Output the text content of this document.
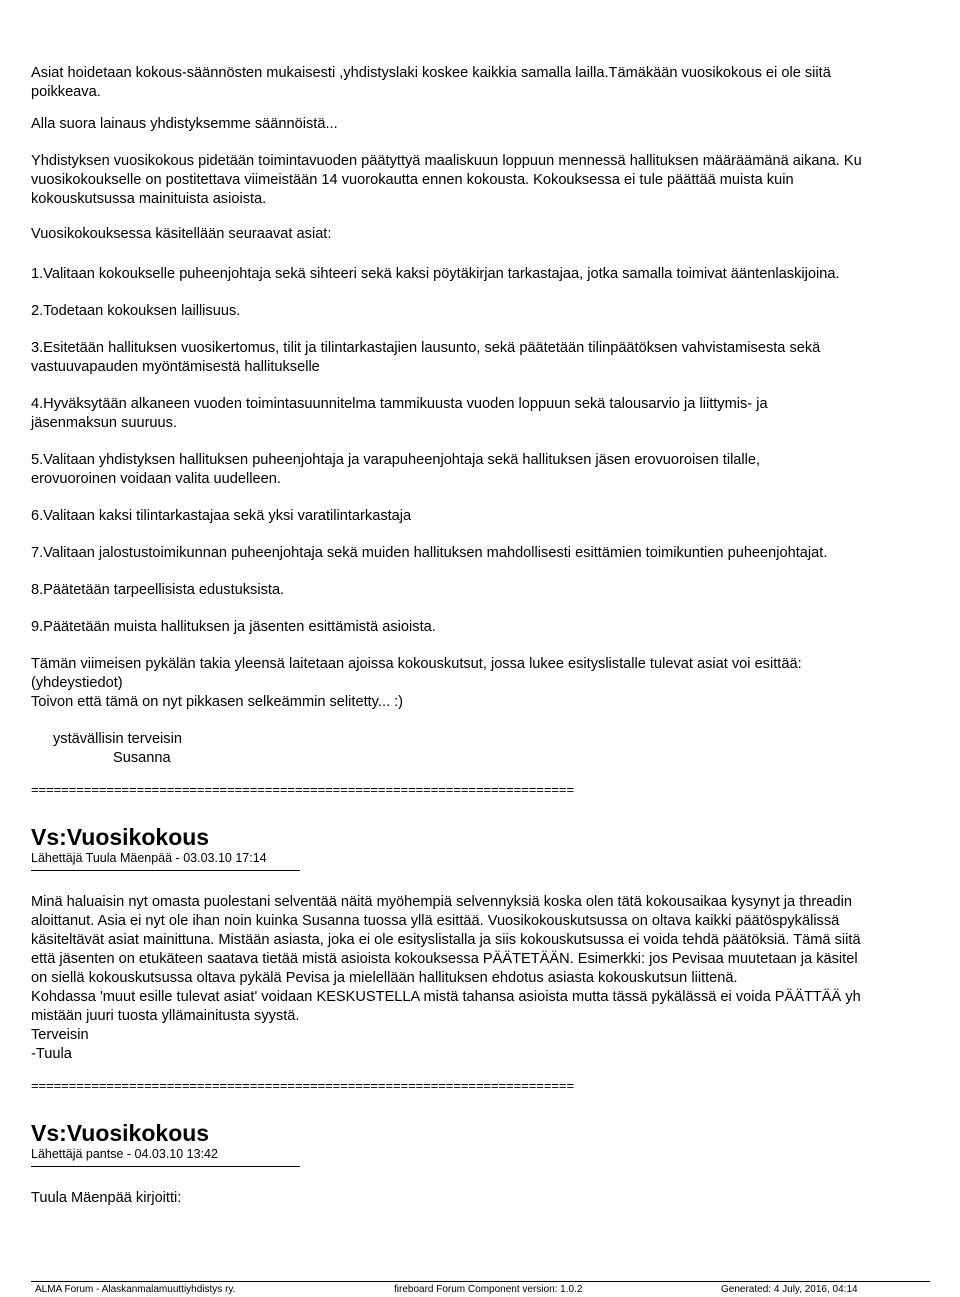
Asiat hoidetaan kokous-säännösten mukaisesti ,yhdistyslaki koskee kaikkia samalla lailla.Tämäkään vuosikokous ei ole siitä

poikkeava.

Alla suora lainaus yhdistyksemme säännöistä...

Yhdistyksen vuosikokous pidetään toimintavuoden päätyttyä maaliskuun loppuun mennessä hallituksen määräämänä aikana. Ku

vuosikokoukselle on postitettava viimeistään 14 vuorokautta ennen kokousta. Kokouksessa ei tule päättää muista kuin

kokouskutsussa mainituista asioista.

Vuosikokouksessa käsitellään seuraavat asiat:

1.Valitaan kokoukselle puheenjohtaja sekä sihteeri sekä kaksi pöytäkirjan tarkastajaa, jotka samalla toimivat ääntenlaskijoina.

2.Todetaan kokouksen laillisuus.

3.Esitetään hallituksen vuosikertomus, tilit ja tilintarkastajien lausunto, sekä päätetään tilinpäätöksen vahvistamisesta sekä

vastuuvapauden myöntämisestä hallitukselle

4.Hyväksytään alkaneen vuoden toimintasuunnitelma tammikuusta vuoden loppuun sekä talousarvio ja liittymis- ja

jäsenmaksun suuruus.

5.Valitaan yhdistyksen hallituksen puheenjohtaja ja varapuheenjohtaja sekä hallituksen jäsen erovuoroisen tilalle,

erovuoroinen voidaan valita uudelleen.

6.Valitaan kaksi tilintarkastajaa sekä yksi varatilintarkastaja

7.Valitaan jalostustoimikunnan puheenjohtaja sekä muiden hallituksen mahdollisesti esittämien toimikuntien puheenjohtajat.

8.Päätetään tarpeellisista edustuksista.

9.Päätetään muista hallituksen ja jäsenten esittämistä asioista.

Tämän viimeisen pykälän takia yleensä laitetaan ajoissa kokouskutsut, jossa lukee esityslistalle tulevat asiat voi esittää:

(yhdeystiedot)

Toivon että tämä on nyt pikkasen selkeämmin selitetty... :)

ystävällisin terveisin

Susanna

========================================================================

Vs:Vuosikokous

Lähettäjä Tuula Mäenpää - 03.03.10 17:14

Minä haluaisin nyt omasta puolestani selventää näitä myöhempiä selvennyksiä koska olen tätä kokousaikaa kysynyt ja threadin

aloittanut. Asia ei nyt ole ihan noin kuinka Susanna tuossa yllä esittää. Vuosikokouskutsussa on oltava kaikki päätöspykälissä

käsiteltävät asiat mainittuna. Mistään asiasta, joka ei ole esityslistalla ja siis kokouskutsussa ei voida tehdä päätöksiä. Tämä siitä

että jäsenten on etukäteen saatava tietää mistä asioista kokouksessa PÄÄTETÄÄN. Esimerkki: jos Pevisaa muutetaan ja käsitel

on siellä kokouskutsussa oltava pykälä Pevisa ja mielellään hallituksen ehdotus asiasta kokouskutsun liittenä.

Kohdassa 'muut esille tulevat asiat' voidaan KESKUSTELLA mistä tahansa asioista mutta tässä pykälässä ei voida PÄÄTTÄÄ yh

mistään juuri tuosta yllämainitusta syystä.

Terveisin

-Tuula

========================================================================

Vs:Vuosikokous

Lähettäjä pantse - 04.03.10 13:42

Tuula Mäenpää kirjoitti:

ALMA Forum - Alaskanmalamuuttiyhdistys ry.	fireboard Forum Component version: 1.0.2	Generated: 4 July, 2016, 04:14
